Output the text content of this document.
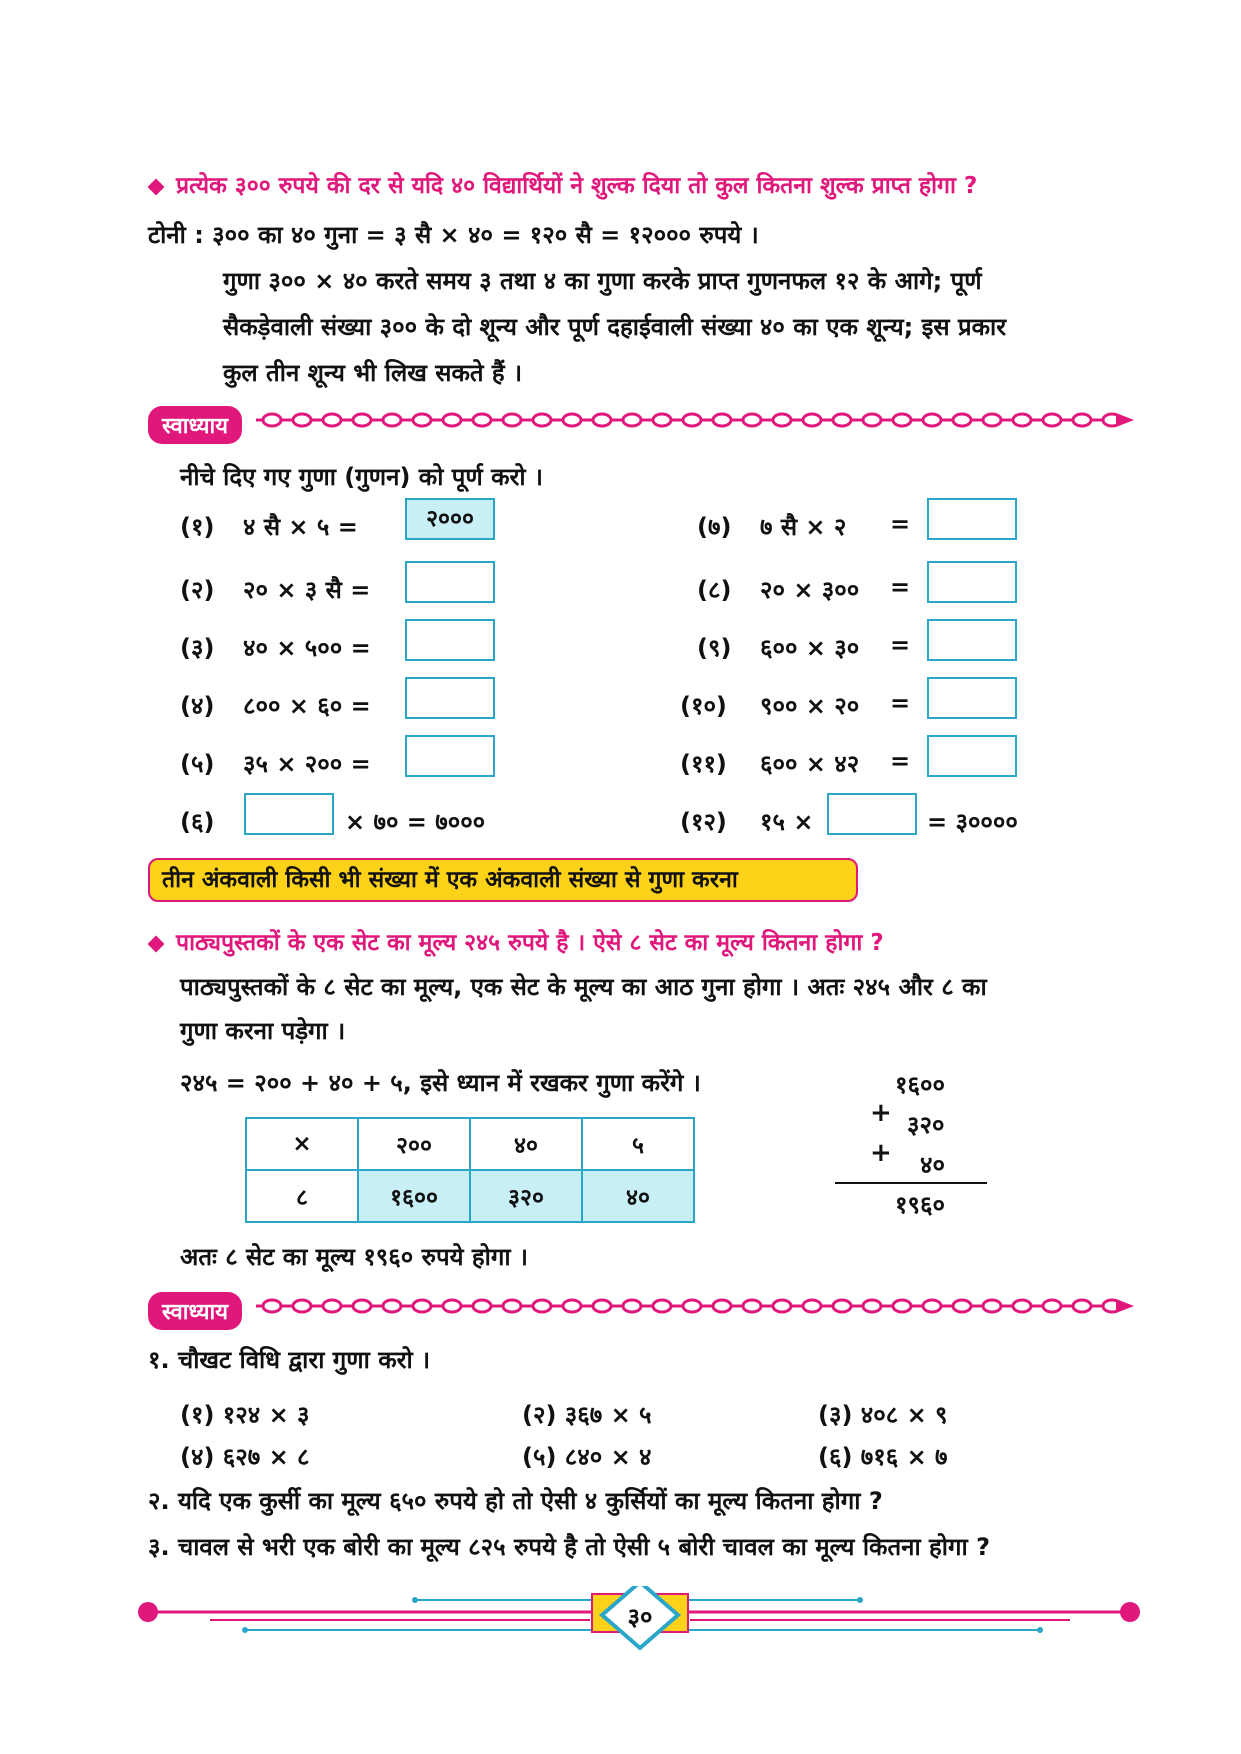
प्रत्येक ३०० रुपये की दर से यदि ४० विद्यार्थियों ने शुल्क दिया तो कुल कितना शुल्क प्राप्त होगा ?
टोनी : ३०० का ४० गुना = ३ सै × ४० = १२० सै = १२००० रुपये ।
गुणा ३०० × ४० करते समय ३ तथा ४ का गुणा करके प्राप्त गुणनफल १२ के आगे; पूर्ण
सैकड़ेवाली संख्या ३०० के दो शून्य और पूर्ण दहाईवाली संख्या ४० का एक शून्य; इस प्रकार
कुल तीन शून्य भी लिख सकते हैं ।
स्वाध्याय
नीचे दिए गए गुणा (गुणन) को पूर्ण करो ।
(१) ४ सै × ५ =	२०००
(२) २० × ३ सै =
(३) ४० × ५०० =
(४) ८०० × ६० =
(५) ३५ × २०० =
(६)	× ७० = ७०००
(७) ७ सै × २ =
(८) २० × ३०० =
(९) ६०० × ३० =
(१०) ९०० × २० =
(११) ६०० × ४२ =
(१२) १५ ×	= ३००००
तीन अंकवाली किसी भी संख्या में एक अंकवाली संख्या से गुणा करना
पाठ्यपुस्तकों के एक सेट का मूल्य २४५ रुपये है । ऐसे ८ सेट का मूल्य कितना होगा ?
पाठ्यपुस्तकों के ८ सेट का मूल्य, एक सेट के मूल्य का आठ गुना होगा । अतः २४५ और ८ का
गुणा करना पड़ेगा ।
२४५ = २०० + ४० + ५, इसे ध्यान में रखकर गुणा करेंगे ।
×	२००	४०	५
८	१६००	३२०	४०
१६००
+ ३२०
+ ४०
१९६०
अतः ८ सेट का मूल्य १९६० रुपये होगा ।
स्वाध्याय
१. चौखट विधि द्वारा गुणा करो ।
(१) १२४ × ३	(२) ३६७ × ५	(३) ४०८ × ९
(४) ६२७ × ८	(५) ८४० × ४	(६) ७१६ × ७
२. यदि एक कुर्सी का मूल्य ६५० रुपये हो तो ऐसी ४ कुर्सियों का मूल्य कितना होगा ?
३. चावल से भरी एक बोरी का मूल्य ८२५ रुपये है तो ऐसी ५ बोरी चावल का मूल्य कितना होगा ?
३०
